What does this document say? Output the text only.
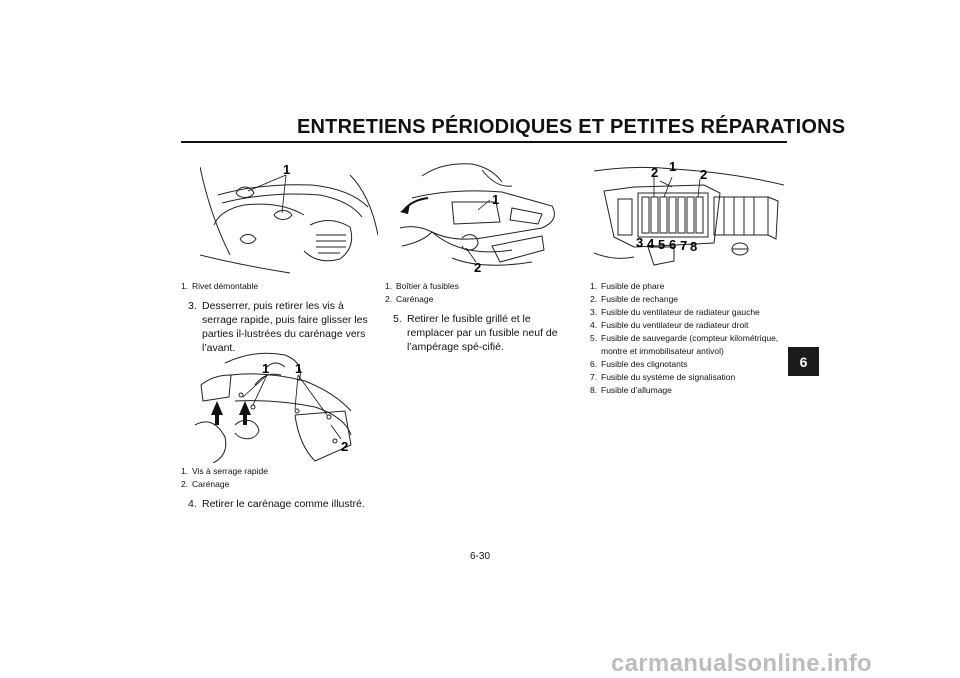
ENTRETIENS PÉRIODIQUES ET PETITES RÉPARATIONS
6
1
1. Rivet démontable
3. Desserrer, puis retirer les vis à serrage rapide, puis faire glisser les parties il-lustrées du carénage vers l’avant.
1 1
2
1. Vis à serrage rapide
2. Carénage
4. Retirer le carénage comme illustré.
1
2
1. Boîtier à fusibles
2. Carénage
5. Retirer le fusible grillé et le remplacer par un fusible neuf de l’ampérage spé-cifié.
2 1
2
3 4 5 6 7 8
1. Fusible de phare
2. Fusible de rechange
3. Fusible du ventilateur de radiateur gauche
4. Fusible du ventilateur de radiateur droit
5. Fusible de sauvegarde (compteur kilométrique, montre et immobilisateur antivol)
6. Fusible des clignotants
7. Fusible du système de signalisation
8. Fusible d’allumage
6-30
carmanualsonline.info
